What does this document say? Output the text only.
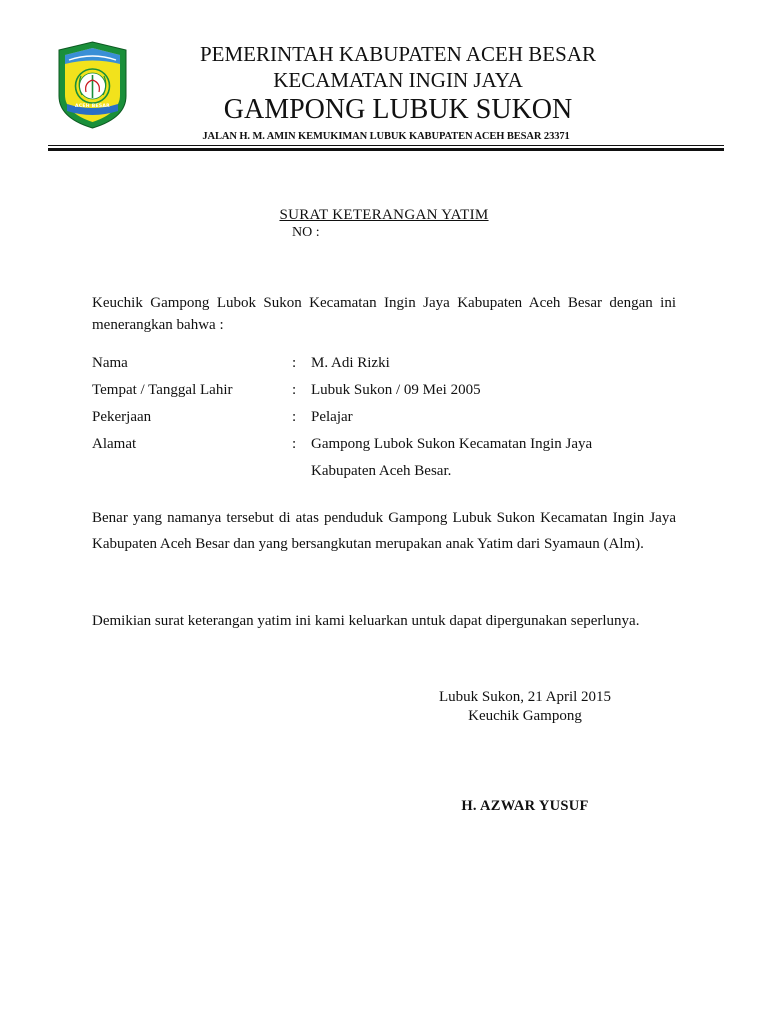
ACEH BESAR
PEMERINTAH KABUPATEN ACEH BESAR
KECAMATAN INGIN JAYA
GAMPONG LUBUK SUKON
JALAN H. M. AMIN KEMUKIMAN LUBUK KABUPATEN ACEH BESAR 23371
SURAT KETERANGAN YATIM
NO :
Keuchik Gampong Lubok Sukon Kecamatan Ingin Jaya Kabupaten Aceh Besar dengan ini menerangkan bahwa :
Nama	: M. Adi Rizki
Tempat / Tanggal Lahir	: Lubuk Sukon / 09 Mei 2005
Pekerjaan	: Pelajar
Alamat	: Gampong Lubok Sukon Kecamatan Ingin Jaya
Kabupaten Aceh Besar.
Benar yang namanya tersebut di atas penduduk Gampong Lubuk Sukon Kecamatan Ingin Jaya Kabupaten Aceh Besar dan yang bersangkutan merupakan anak Yatim dari Syamaun (Alm).
Demikian surat keterangan yatim ini kami keluarkan untuk dapat dipergunakan seperlunya.
Lubuk Sukon, 21 April 2015
Keuchik Gampong
H. AZWAR YUSUF
